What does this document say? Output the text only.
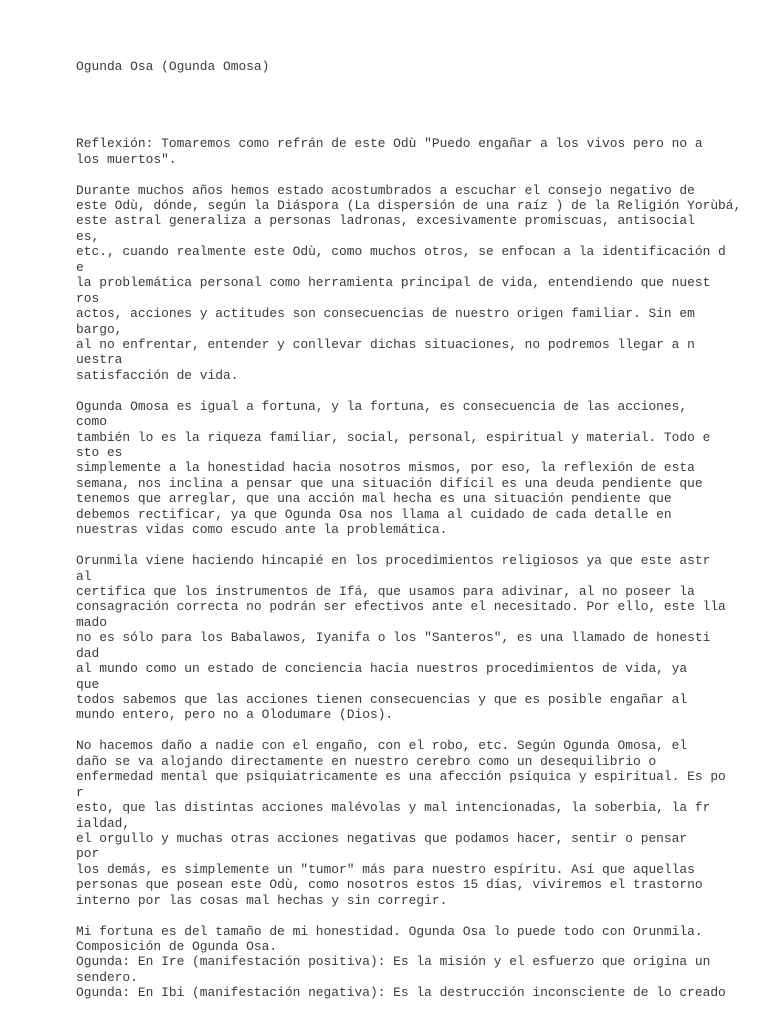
Ogunda Osa (Ogunda Omosa)

Reflexión: Tomaremos como refrán de este Odù "Puedo engañar a los vivos pero no a
los muertos".
Durante muchos años hemos estado acostumbrados a escuchar el consejo negativo de
este Odù, dónde, según la Diáspora (La dispersión de una raíz ) de la Religión Yorùbá,
este astral generaliza a personas ladronas, excesivamente promiscuas, antisocial
es,
etc., cuando realmente este Odù, como muchos otros, se enfocan a la identificación d
e
la problemática personal como herramienta principal de vida, entendiendo que nuest
ros
actos, acciones y actitudes son consecuencias de nuestro origen familiar. Sin em
bargo,
al no enfrentar, entender y conllevar dichas situaciones, no podremos llegar a n
uestra
satisfacción de vida.
Ogunda Omosa es igual a fortuna, y la fortuna, es consecuencia de las acciones,
como
también lo es la riqueza familiar, social, personal, espiritual y material. Todo e
sto es
simplemente a la honestidad hacia nosotros mismos, por eso, la reflexión de esta
semana, nos inclina a pensar que una situación difícil es una deuda pendiente que
tenemos que arreglar, que una acción mal hecha es una situación pendiente que
debemos rectificar, ya que Ogunda Osa nos llama al cuidado de cada detalle en
nuestras vidas como escudo ante la problemática.
Orunmila viene haciendo hincapié en los procedimientos religiosos ya que este astr
al
certifica que los instrumentos de Ifá, que usamos para adivinar, al no poseer la
consagración correcta no podrán ser efectivos ante el necesitado. Por ello, este lla
mado
no es sólo para los Babalawos, Iyanifa o los "Santeros", es una llamado de honesti
dad
al mundo como un estado de conciencia hacia nuestros procedimientos de vida, ya
que
todos sabemos que las acciones tienen consecuencias y que es posible engañar al
mundo entero, pero no a Olodumare (Dios).
No hacemos daño a nadie con el engaño, con el robo, etc. Según Ogunda Omosa, el
daño se va alojando directamente en nuestro cerebro como un desequilibrio o
enfermedad mental que psiquiatricamente es una afección psíquica y espiritual. Es po
r
esto, que las distintas acciones malévolas y mal intencionadas, la soberbia, la fr
ialdad,
el orgullo y muchas otras acciones negativas que podamos hacer, sentir o pensar
por
los demás, es simplemente un "tumor" más para nuestro espíritu. Así que aquellas
personas que posean este Odù, como nosotros estos 15 días, viviremos el trastorno
interno por las cosas mal hechas y sin corregir.
Mi fortuna es del tamaño de mi honestidad. Ogunda Osa lo puede todo con Orunmila.
Composición de Ogunda Osa.
Ogunda: En Ire (manifestación positiva): Es la misión y el esfuerzo que origina un
sendero.
Ogunda: En Ibi (manifestación negativa): Es la destrucción inconsciente de lo creado
